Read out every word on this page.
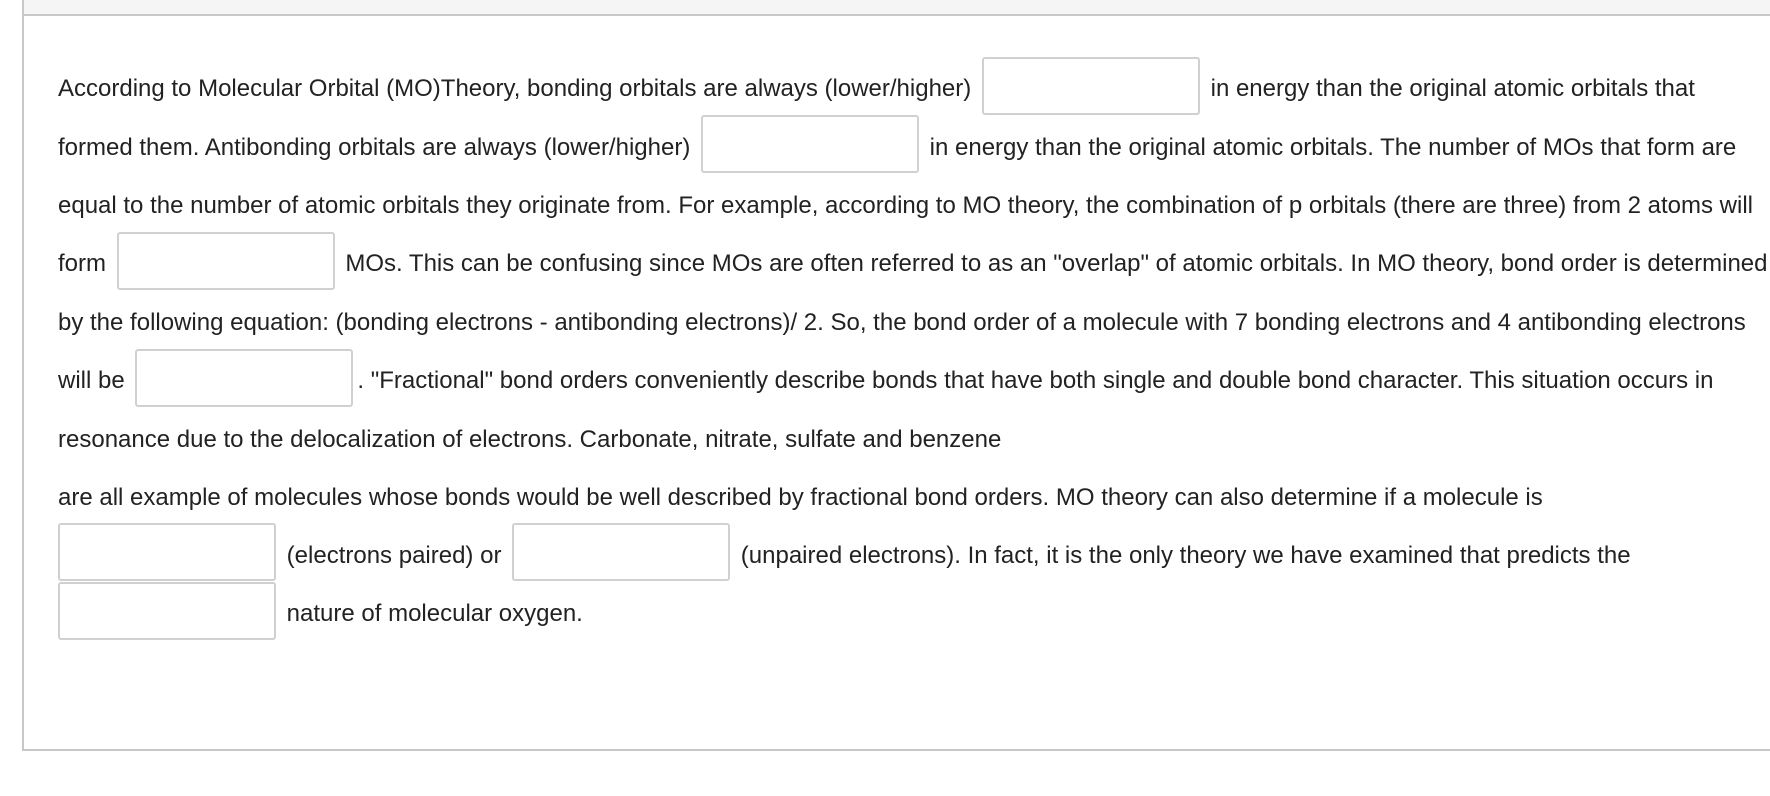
According to Molecular Orbital (MO)Theory, bonding orbitals are always (lower/higher)	in energy than the original atomic orbitals that formed them. Antibonding orbitals are always (lower/higher)	in energy than the original atomic orbitals. The number of MOs that form are equal to the number of atomic orbitals they originate from. For example, according to MO theory, the combination of p orbitals (there are three) from 2 atoms will form	MOs. This can be confusing since MOs are often referred to as an "overlap" of atomic orbitals. In MO theory, bond order is determined by the following equation: (bonding electrons - antibonding electrons)/ 2. So, the bond order of a molecule with 7 bonding electrons and 4 antibonding electrons will be	. "Fractional" bond orders conveniently describe bonds that have both single and double bond character. This situation occurs in resonance due to the delocalization of electrons. Carbonate, nitrate, sulfate and benzene are all example of molecules whose bonds would be well described by fractional bond orders. MO theory can also determine if a molecule is  (electrons paired) or	(unpaired electrons). In fact, it is the only theory we have examined that predicts the  nature of molecular oxygen.
